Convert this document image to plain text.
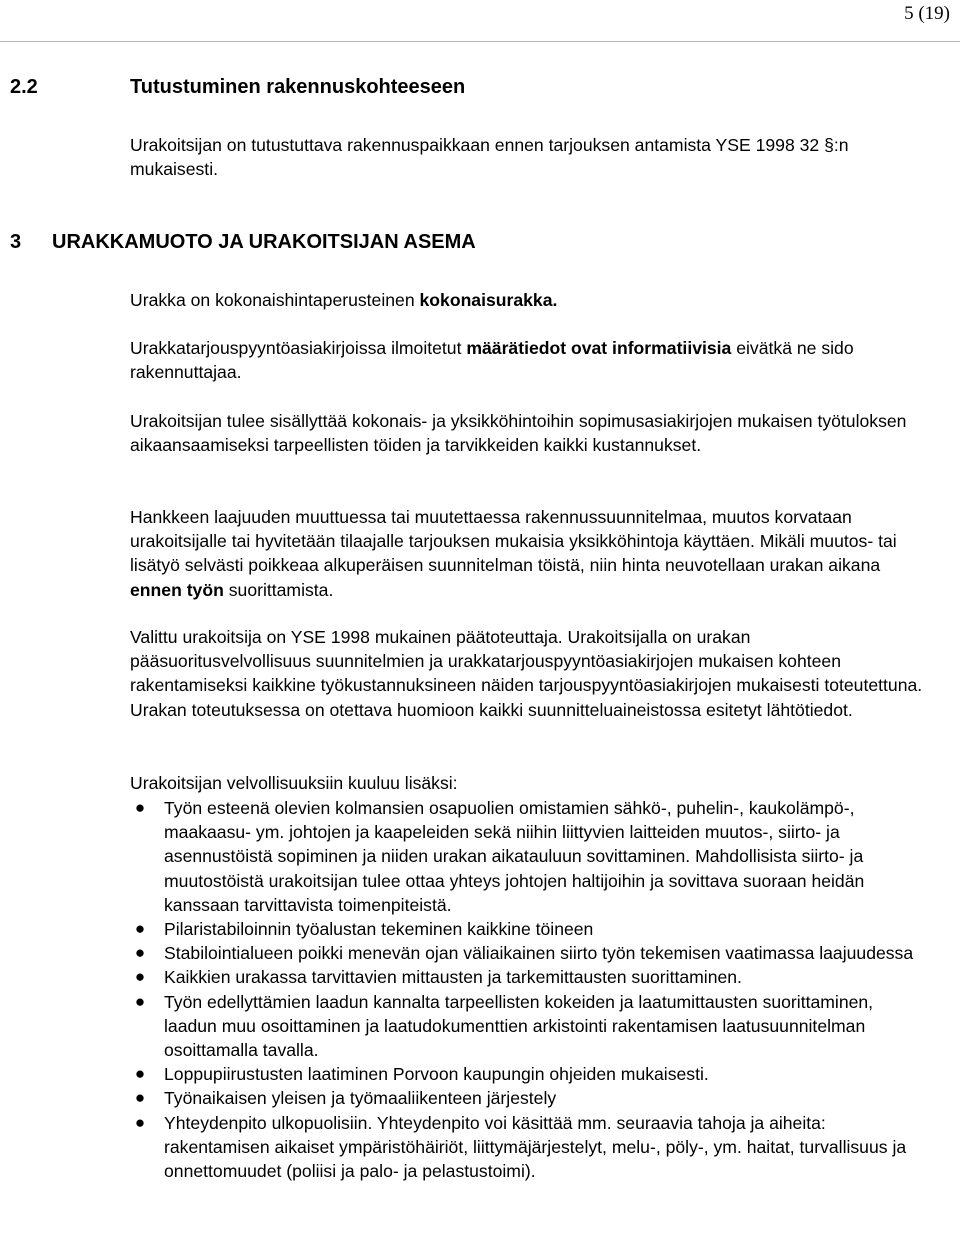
5 (19)
2.2	Tutustuminen rakennuskohteeseen

Urakoitsijan on tutustuttava rakennuspaikkaan ennen tarjouksen antamista YSE 1998 32 §:n mukaisesti.

3 URAKKAMUOTO JA URAKOITSIJAN ASEMA

Urakka on kokonaishintaperusteinen kokonaisurakka.

Urakkatarjouspyyntöasiakirjoissa ilmoitetut määrätiedot ovat informatiivisia eivätkä ne sido rakennuttajaa.

Urakoitsijan tulee sisällyttää kokonais- ja yksikköhintoihin sopimusasiakirjojen mukaisen työtuloksen aikaansaamiseksi tarpeellisten töiden ja tarvikkeiden kaikki kustannukset.

Hankkeen laajuuden muuttuessa tai muutettaessa rakennussuunnitelmaa, muutos korvataan urakoitsijalle tai hyvitetään tilaajalle tarjouksen mukaisia yksikköhintoja käyttäen. Mikäli muutos- tai lisätyö selvästi poikkeaa alkuperäisen suunnitelman töistä, niin hinta neuvotellaan urakan aikana ennen työn suorittamista.

Valittu urakoitsija on YSE 1998 mukainen päätoteuttaja. Urakoitsijalla on urakan pääsuoritusvelvollisuus suunnitelmien ja urakkatarjouspyyntöasiakirjojen mukaisen kohteen rakentamiseksi kaikkine työkustannuksineen näiden tarjouspyyntöasiakirjojen mukaisesti toteutettuna. Urakan toteutuksessa on otettava huomioon kaikki suunnitteluaineistossa esitetyt lähtötiedot.

Urakoitsijan velvollisuuksiin kuuluu lisäksi:

● Työn esteenä olevien kolmansien osapuolien omistamien sähkö-, puhelin-, kaukolämpö-, maakaasu- ym. johtojen ja kaapeleiden sekä niihin liittyvien laitteiden muutos-, siirto- ja asennustöistä sopiminen ja niiden urakan aikatauluun sovittaminen. Mahdollisista siirto- ja muutostöistä urakoitsijan tulee ottaa yhteys johtojen haltijoihin ja sovittava suoraan heidän kanssaan tarvittavista toimenpiteistä.
● Pilaristabiloinnin työalustan tekeminen kaikkine töineen
● Stabilointialueen poikki menevän ojan väliaikainen siirto työn tekemisen vaatimassa laajuudessa
● Kaikkien urakassa tarvittavien mittausten ja tarkemittausten suorittaminen.
● Työn edellyttämien laadun kannalta tarpeellisten kokeiden ja laatumittausten suorittaminen, laadun muu osoittaminen ja laatudokumenttien arkistointi rakentamisen laatusuunnitelman osoittamalla tavalla.
● Loppupiirustusten laatiminen Porvoon kaupungin ohjeiden mukaisesti.
● Työnaikaisen yleisen ja työmaaliikenteen järjestely
● Yhteydenpito ulkopuolisiin. Yhteydenpito voi käsittää mm. seuraavia tahoja ja aiheita: rakentamisen aikaiset ympäristöhäiriöt, liittymäjärjestelyt, melu-, pöly-, ym. haitat, turvallisuus ja onnettomuudet (poliisi ja palo- ja pelastustoimi).
